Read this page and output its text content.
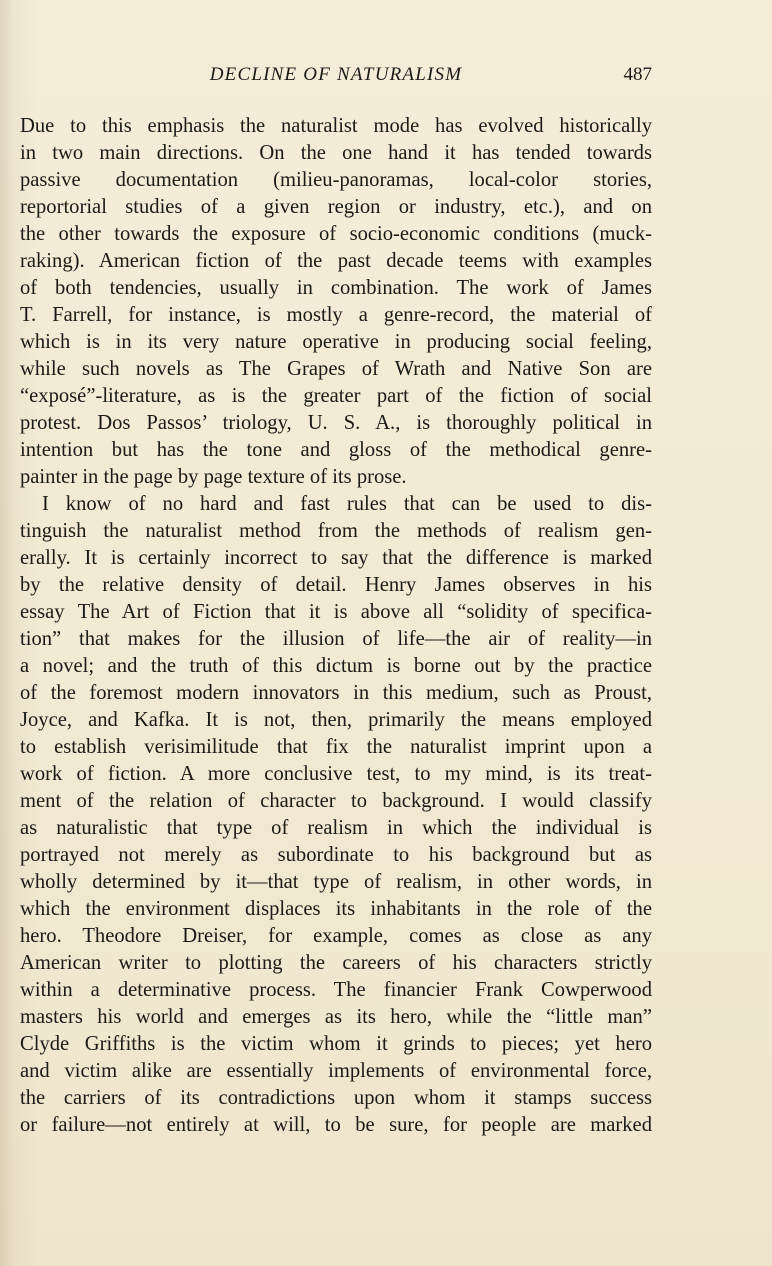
DECLINE OF NATURALISM	487
Due to this emphasis the naturalist mode has evolved historically
in two main directions. On the one hand it has tended towards
passive documentation (milieu-panoramas, local-color stories,
reportorial studies of a given region or industry, etc.), and on
the other towards the exposure of socio-economic conditions (muck-
raking). American fiction of the past decade teems with examples
of both tendencies, usually in combination. The work of James
T. Farrell, for instance, is mostly a genre-record, the material of
which is in its very nature operative in producing social feeling,
while such novels as The Grapes of Wrath and Native Son are
“exposé”-literature, as is the greater part of the fiction of social
protest. Dos Passos’ triology, U. S. A., is thoroughly political in
intention but has the tone and gloss of the methodical genre-
painter in the page by page texture of its prose.
I know of no hard and fast rules that can be used to dis-
tinguish the naturalist method from the methods of realism gen-
erally. It is certainly incorrect to say that the difference is marked
by the relative density of detail. Henry James observes in his
essay The Art of Fiction that it is above all “solidity of specifica-
tion” that makes for the illusion of life—the air of reality—in
a novel; and the truth of this dictum is borne out by the practice
of the foremost modern innovators in this medium, such as Proust,
Joyce, and Kafka. It is not, then, primarily the means employed
to establish verisimilitude that fix the naturalist imprint upon a
work of fiction. A more conclusive test, to my mind, is its treat-
ment of the relation of character to background. I would classify
as naturalistic that type of realism in which the individual is
portrayed not merely as subordinate to his background but as
wholly determined by it—that type of realism, in other words, in
which the environment displaces its inhabitants in the role of the
hero. Theodore Dreiser, for example, comes as close as any
American writer to plotting the careers of his characters strictly
within a determinative process. The financier Frank Cowperwood
masters his world and emerges as its hero, while the “little man”
Clyde Griffiths is the victim whom it grinds to pieces; yet hero
and victim alike are essentially implements of environmental force,
the carriers of its contradictions upon whom it stamps success
or failure—not entirely at will, to be sure, for people are marked
